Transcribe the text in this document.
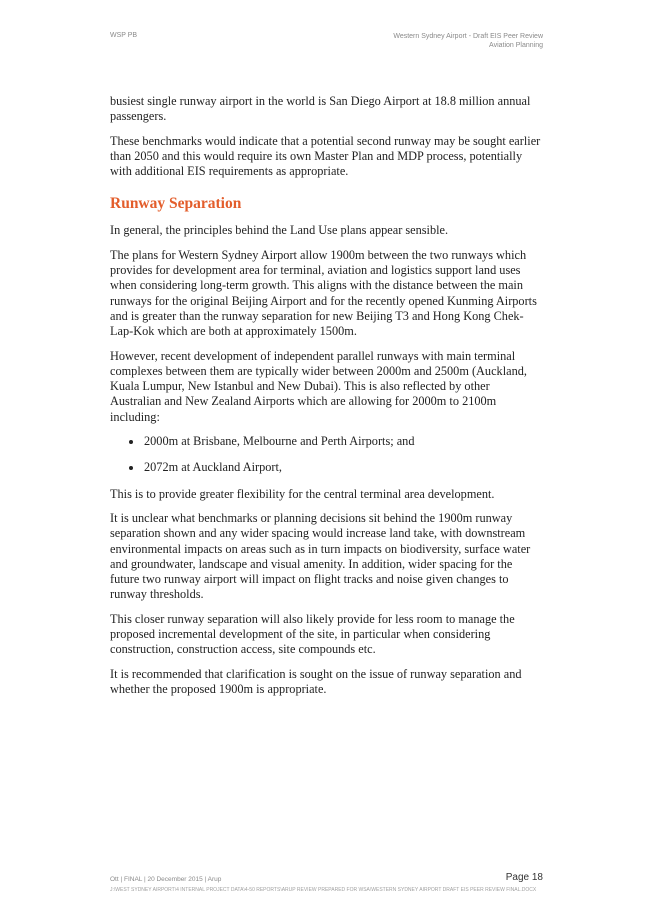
WSP PB	Western Sydney Airport - Draft EIS Peer Review
Aviation Planning

busiest single runway airport in the world is San Diego Airport at 18.8 million annual passengers.

These benchmarks would indicate that a potential second runway may be sought earlier than 2050 and this would require its own Master Plan and MDP process, potentially with additional EIS requirements as appropriate.

Runway Separation

In general, the principles behind the Land Use plans appear sensible.

The plans for Western Sydney Airport allow 1900m between the two runways which provides for development area for terminal, aviation and logistics support land uses when considering long-term growth. This aligns with the distance between the main runways for the original Beijing Airport and for the recently opened Kunming Airports and is greater than the runway separation for new Beijing T3 and Hong Kong Chek-Lap-Kok which are both at approximately 1500m.

However, recent development of independent parallel runways with main terminal complexes between them are typically wider between 2000m and 2500m (Auckland, Kuala Lumpur, New Istanbul and New Dubai). This is also reflected by other Australian and New Zealand Airports which are allowing for 2000m to 2100m including:

2000m at Brisbane, Melbourne and Perth Airports; and
2072m at Auckland Airport,

This is to provide greater flexibility for the central terminal area development.

It is unclear what benchmarks or planning decisions sit behind the 1900m runway separation shown and any wider spacing would increase land take, with downstream environmental impacts on areas such as in turn impacts on biodiversity, surface water and groundwater, landscape and visual amenity. In addition, wider spacing for the future two runway airport will impact on flight tracks and noise given changes to runway thresholds.

This closer runway separation will also likely provide for less room to manage the proposed incremental development of the site, in particular when considering construction, construction access, site compounds etc.

It is recommended that clarification is sought on the issue of runway separation and whether the proposed 1900m is appropriate.

Ott | FINAL | 20 December 2015 | Arup	Page 18
J:\WEST SYDNEY AIRPORT\4 INTERNAL PROJECT DATA\4-50 REPORTS\ARUP REVIEW PREPARED FOR WSA\WESTERN SYDNEY AIRPORT DRAFT EIS PEER REVIEW FINAL.DOCX
